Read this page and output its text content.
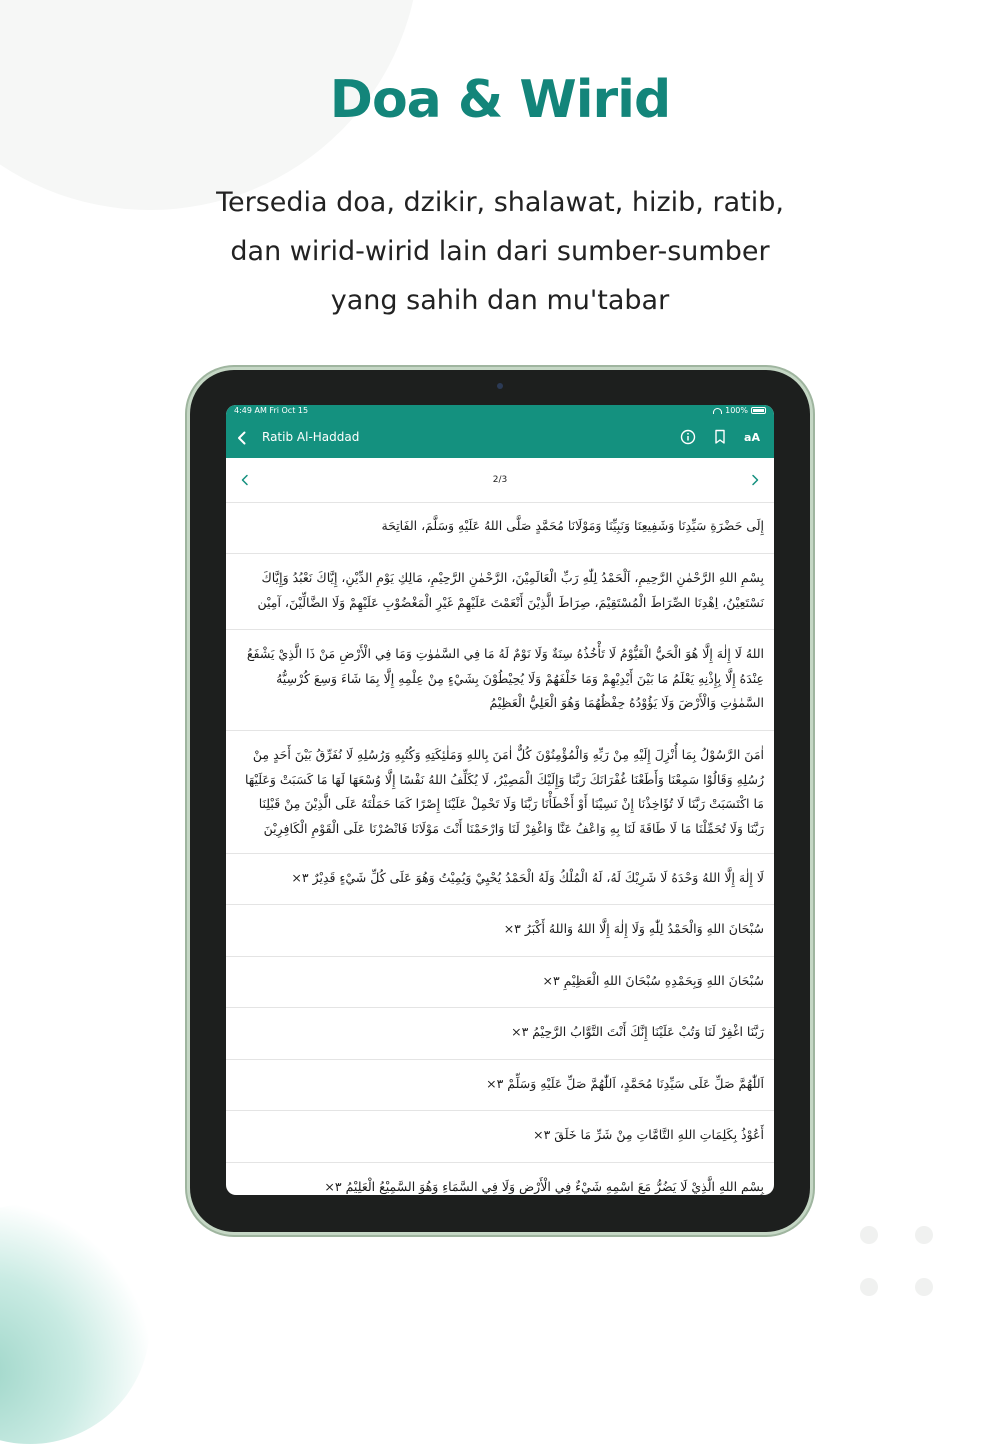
Doa & Wirid
Tersedia doa, dzikir, shalawat, hizib, ratib, dan wirid-wirid lain dari sumber-sumber yang sahih dan mu'tabar
4:49 AM Fri Oct 15	100%
Ratib Al-Haddad	aA
2/3
إِلَى حَضْرَةِ سَيِّدِنَا وَشَفِيعِنَا وَنَبِيِّنَا وَمَوْلَانَا مُحَمَّدٍ صَلَّى اللهُ عَلَيْهِ وَسَلَّمَ، الفَاتِحَة
بِسْمِ اللهِ الرَّحْمٰنِ الرَّحِيمِ، اَلْحَمْدُ لِلّٰهِ رَبِّ الْعَالَمِيْنَ، الرَّحْمٰنِ الرَّحِيْمِ، مَالِكِ يَوْمِ الدِّيْنِ، إِيَّاكَ نَعْبُدُ وَإِيَّاكَ نَسْتَعِيْنُ، اِهْدِنَا الصِّرَاطَ الْمُسْتَقِيْمَ، صِرَاطَ الَّذِيْنَ أَنْعَمْتَ عَلَيْهِمْ غَيْرِ الْمَغْضُوْبِ عَلَيْهِمْ وَلَا الضَّالِّيْنَ، آمِيْن
اللهُ لَا إِلٰهَ إِلَّا هُوَ الْحَيُّ الْقَيُّوْمُ لَا تَأْخُذُهُ سِنَةٌ وَلَا نَوْمٌ لَهُ مَا فِي السَّمٰوٰتِ وَمَا فِي الْأَرْضِ مَنْ ذَا الَّذِيْ يَشْفَعُ عِنْدَهُ إِلَّا بِإِذْنِهِ يَعْلَمُ مَا بَيْنَ أَيْدِيْهِمْ وَمَا خَلْفَهُمْ وَلَا يُحِيْطُوْنَ بِشَيْءٍ مِنْ عِلْمِهِ إِلَّا بِمَا شَاءَ وَسِعَ كُرْسِيُّهُ السَّمٰوٰتِ وَالْأَرْضَ وَلَا يَؤُوْدُهُ حِفْظُهُمَا وَهُوَ الْعَلِيُّ الْعَظِيْمُ
اٰمَنَ الرَّسُوْلُ بِمَا أُنْزِلَ إِلَيْهِ مِنْ رَبِّهِ وَالْمُؤْمِنُوْنَ كُلٌّ اٰمَنَ بِاللهِ وَمَلٰئِكَتِهِ وَكُتُبِهِ وَرُسُلِهِ لَا نُفَرِّقُ بَيْنَ أَحَدٍ مِنْ رُسُلِهِ وَقَالُوْا سَمِعْنَا وَأَطَعْنَا غُفْرَانَكَ رَبَّنَا وَإِلَيْكَ الْمَصِيْرُ، لَا يُكَلِّفُ اللهُ نَفْسًا إِلَّا وُسْعَهَا لَهَا مَا كَسَبَتْ وَعَلَيْهَا مَا اكْتَسَبَتْ رَبَّنَا لَا تُؤَاخِذْنَا إِنْ نَسِيْنَا أَوْ أَخْطَأْنَا رَبَّنَا وَلَا تَحْمِلْ عَلَيْنَا إِصْرًا كَمَا حَمَلْتَهُ عَلَى الَّذِيْنَ مِنْ قَبْلِنَا رَبَّنَا وَلَا تُحَمِّلْنَا مَا لَا طَاقَةَ لَنَا بِهِ وَاعْفُ عَنَّا وَاغْفِرْ لَنَا وَارْحَمْنَا أَنْتَ مَوْلَانَا فَانْصُرْنَا عَلَى الْقَوْمِ الْكَافِرِيْنَ
لَا إِلٰهَ إِلَّا اللهُ وَحْدَهُ لَا شَرِيْكَ لَهُ، لَهُ الْمُلْكُ وَلَهُ الْحَمْدُ يُحْيِيْ وَيُمِيْتُ وَهُوَ عَلَى كُلِّ شَيْءٍ قَدِيْرٌ ٣×
سُبْحَانَ اللهِ وَالْحَمْدُ لِلّٰهِ وَلَا إِلٰهَ إِلَّا اللهُ وَاللهُ أَكْبَرُ ٣×
سُبْحَانَ اللهِ وَبِحَمْدِهِ سُبْحَانَ اللهِ الْعَظِيْمِ ٣×
رَبَّنَا اغْفِرْ لَنَا وَتُبْ عَلَيْنَا إِنَّكَ أَنْتَ التَّوَّابُ الرَّحِيْمُ ٣×
اَللّٰهُمَّ صَلِّ عَلَى سَيِّدِنَا مُحَمَّدٍ، اَللّٰهُمَّ صَلِّ عَلَيْهِ وَسَلِّمْ ٣×
أَعُوْذُ بِكَلِمَاتِ اللهِ التَّامَّاتِ مِنْ شَرِّ مَا خَلَقَ ٣×
بِسْمِ اللهِ الَّذِيْ لَا يَضُرُّ مَعَ اسْمِهِ شَيْءٌ فِي الْأَرْضِ وَلَا فِي السَّمَاءِ وَهُوَ السَّمِيْعُ الْعَلِيْمُ ٣×
